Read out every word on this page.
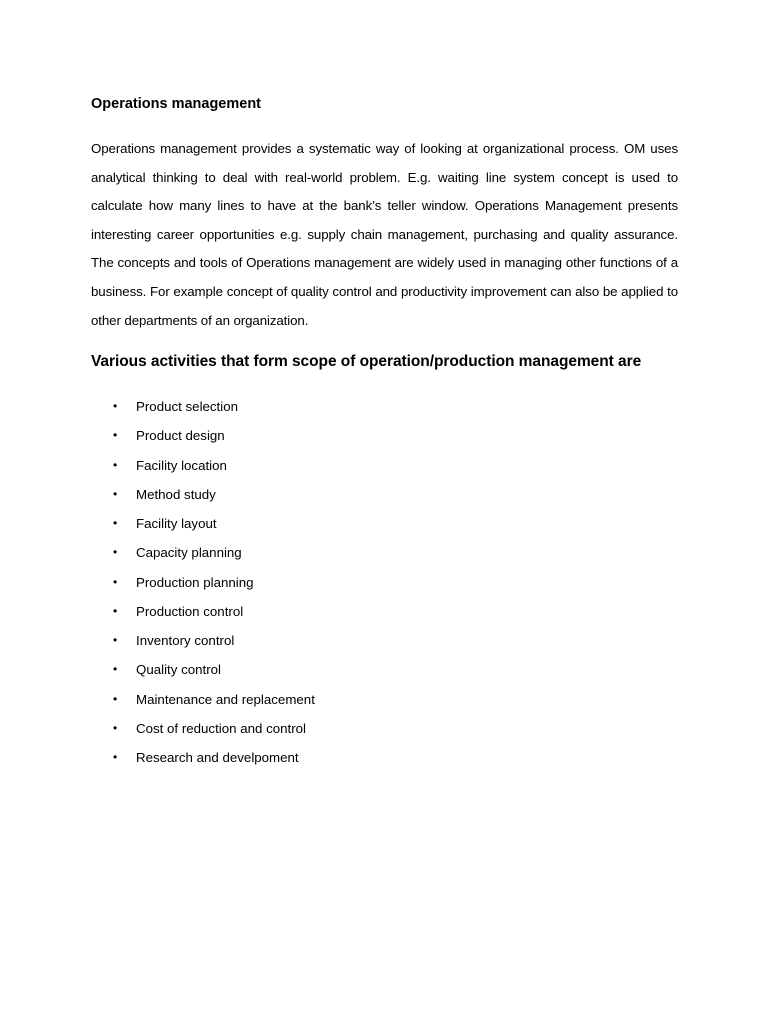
Operations management

Operations management provides a systematic way of looking at organizational process. OM uses analytical thinking to deal with real-world problem. E.g. waiting line system concept is used to calculate how many lines to have at the bank’s teller window. Operations Management presents interesting career opportunities e.g. supply chain management, purchasing and quality assurance. The concepts and tools of Operations management are widely used in managing other functions of a business. For example concept of quality control and productivity improvement can also be applied to other departments of an organization.

Various activities that form scope of operation/production management are
• Product selection
• Product design
• Facility location
• Method study
• Facility layout
• Capacity planning
• Production planning
• Production control
• Inventory control
• Quality control
• Maintenance and replacement
• Cost of reduction and control
• Research and develpoment
